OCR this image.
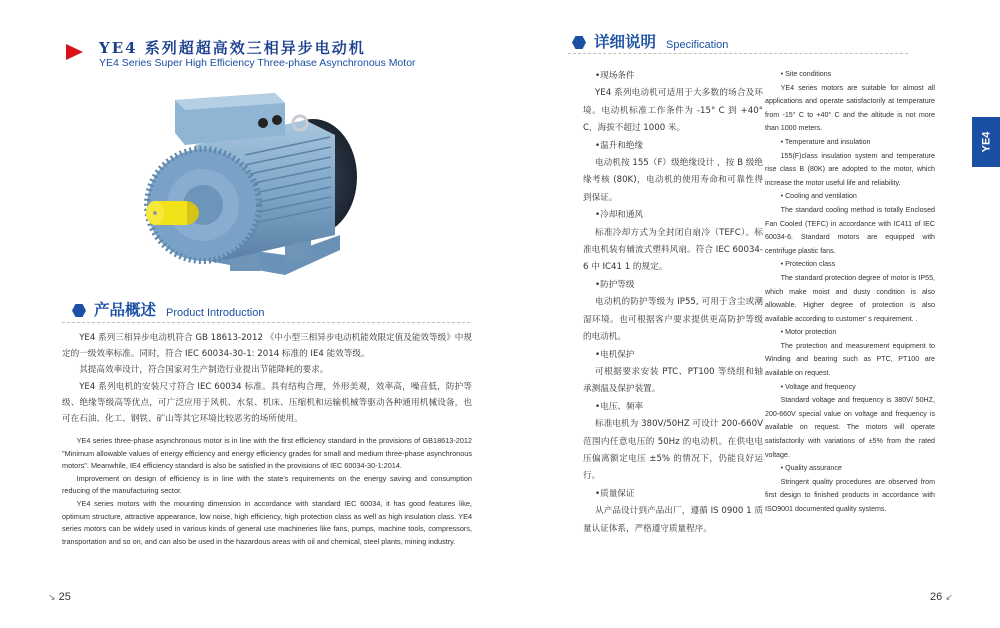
YE4 系列超超高效三相异步电动机
YE4 Series Super High Efficiency Three-phase Asynchronous Motor
产品概述 Product Introduction

YE4 系列三相异步电动机符合 GB 18613-2012 《中小型三相异步电动机能效限定值及能效等级》中规定的一级效率标准。同时，符合 IEC 60034-30-1: 2014 标准的 IE4 能效等级。

其提高效率设计，符合国家对生产制造行业提出节能降耗的要求。

YE4 系列电机的安装尺寸符合 IEC 60034 标准。具有结构合理，外形美观，效率高，噪音低，防护等级、绝缘等级高等优点，可广泛应用于风机、水泵、机床、压缩机和运输机械等驱动各种通用机械设备，也可在石油、化工、钢铁、矿山等其它环境比较恶劣的场所使用。

YE4 series three-phase asynchronous motor is in line with the first efficiency standard in the provisions of GB18613-2012 "Minimum allowable values of energy efficiency and energy efficiency grades for small and medium three-phase asynchronous motors". Meanwhile, IE4 efficiency standard is also be satisfied in the provisions of IEC 60034-30-1:2014.

Improvement on design of efficiency is in line with the state's requirements on the energy saving and consumption reducing of the manufacturing sector.

YE4 series motors with the mounting dimension in accordance with standard IEC 60034, it has good features like, optimum structure, attractive appearance, low noise, high efficiency, high protection class as well as high insulation class. YE4 series motors can be widely used in various kinds of general use machineries like fans, pumps, machine tools, compressors, transportation and so on, and can also be used in the hazardous areas with oil and chemical, steel plants, mining industry.

↘ 25
详细说明 Specification
•现场条件
YE4 系列电动机可适用于大多数的场合及环境。电动机标准工作条件为 -15° C 到 +40° C，海拔不超过 1000 米。
•温升和绝缘
电动机按 155（F）级绝缘设计 ，按 B 级绝缘考核 (80K)，电动机的使用寿命和可靠性得到保证。
•冷却和通风
标准冷却方式为全封闭自扇冷（TEFC）。标准电机装有辅流式塑料风扇。符合 IEC 60034-6 中 IC41 1 的规定。
•防护等级
电动机的防护等级为 IP55, 可用于含尘或潮湿环境。也可根据客户要求提供更高防护等级的电动机。
•电机保护
可根据要求安装 PTC、PT100 等绕组和轴承测温及保护装置。
•电压、频率
标准电机为 380V/50HZ 可设计 200-660V 范围内任意电压的 50Hz 的电动机。在供电电压偏离额定电压 ±5% 的情况下，仍能良好运行。
•质量保证
从产品设计到产品出厂，遵循 IS 0900 1 质量认证体系，严格遵守质量程序。
• Site conditions
YE4 series motors are suitable for almost all applications and operate satisfactorily at temperature from -15° C to +40° C and the altitude is not more than 1000 meters.
• Temperature and insulation
155(F)class insulation system and temperature rise class B (80K) are adopted to the motor, which increase the motor useful life and reliability.
• Cooling and ventilation
The standard cooling method is totally Enclosed Fan Cooled (TEFC) in accordance with IC411 of IEC 60034-6. Standard motors are equipped with centrifuge plastic fans.
• Protection class
The standard protection degree of motor is IP55, which make moist and dusty condition is also allowable. Higher degree of protection is also available according to customer’ s requirement. .
• Motor protection
The protection and measurement equipment to Winding and bearing such as PTC, PT100 are available on request.
• Voltage and frequency
Standard voltage and frequency is 380V/ 50HZ, 200-660V special value on voltage and frequency is available on request. The motors will operate satisfactorily with variations of ±5% from the rated voltage.
• Quality assurance
Stringent quality procedures are observed from first design to finished products in accordance with ISO9001 documented quality systems.
YE4
26 ↙
